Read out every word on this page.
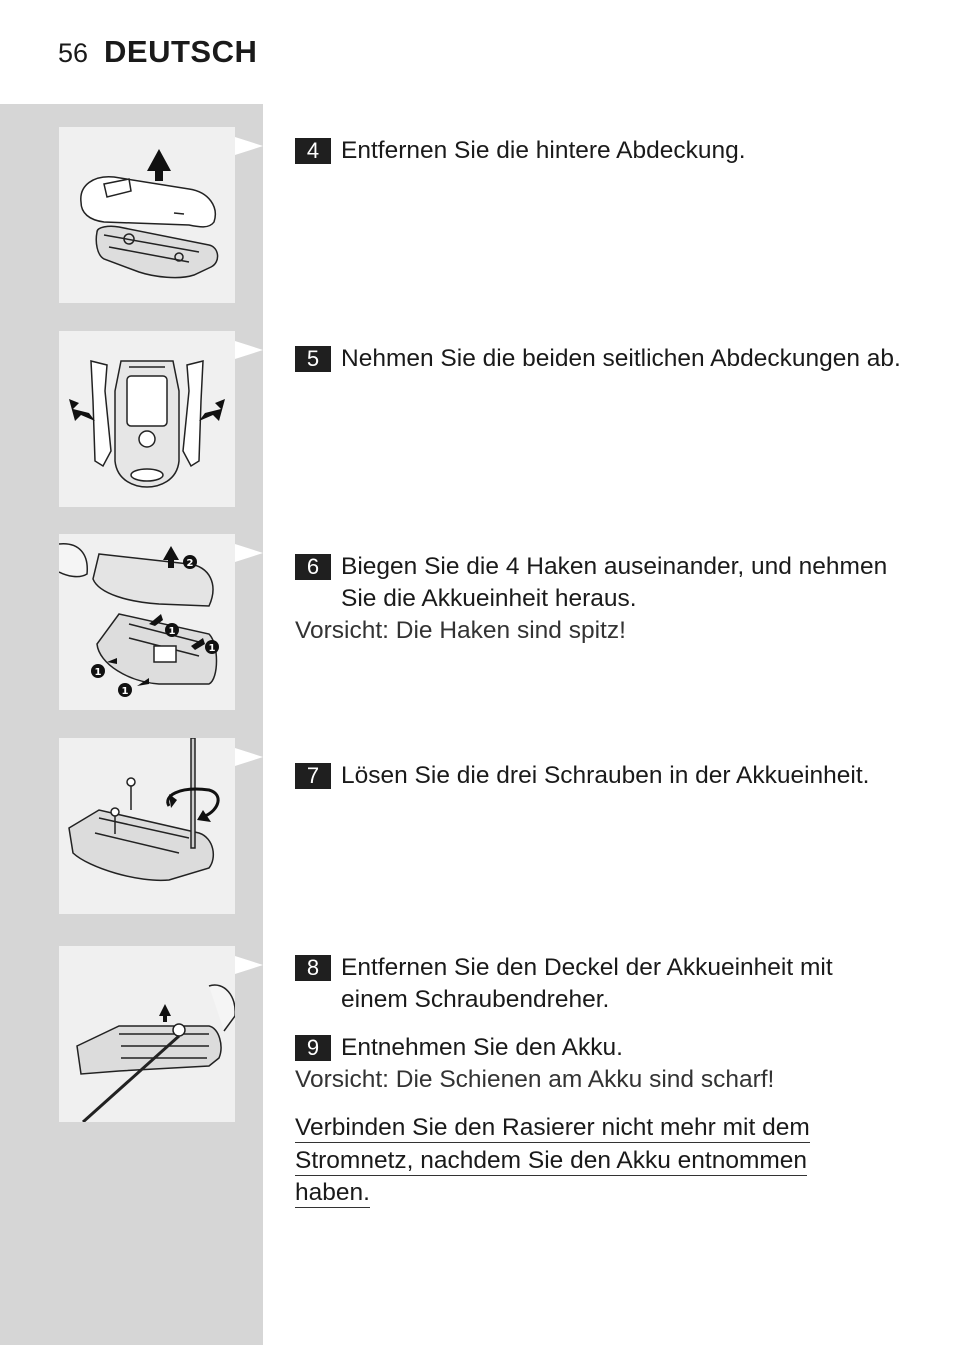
56 DEUTSCH
2
1
1
1
1
4 Entfernen Sie die hintere Abdeckung.
5 Nehmen Sie die beiden seitlichen Abdeckungen ab.
6 Biegen Sie die 4 Haken auseinander, und nehmen Sie die Akkueinheit heraus.
Vorsicht: Die Haken sind spitz!
7 Lösen Sie die drei Schrauben in der Akkueinheit.
8 Entfernen Sie den Deckel der Akkueinheit mit einem Schraubendreher.
9 Entnehmen Sie den Akku.
Vorsicht: Die Schienen am Akku sind scharf!
Verbinden Sie den Rasierer nicht mehr mit dem
Stromnetz, nachdem Sie den Akku entnommen
haben.
